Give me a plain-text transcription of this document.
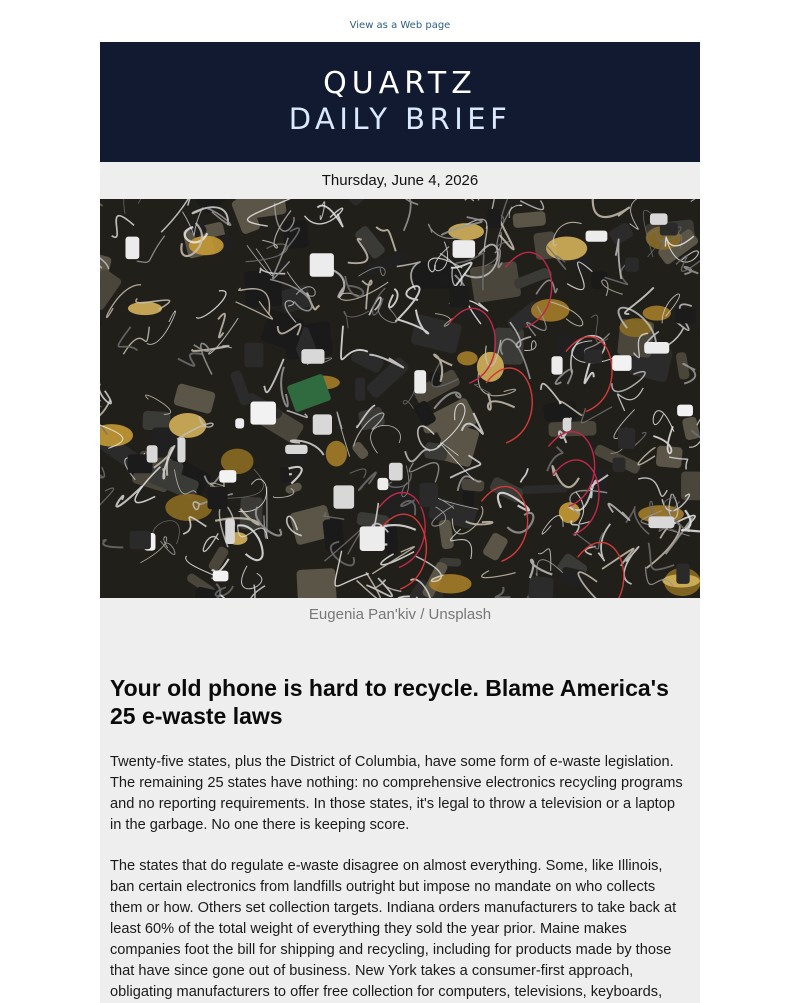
View as a Web page
QUARTZ
DAILY BRIEF
Thursday, June 4, 2026
Eugenia Pan'kiv / Unsplash
Your old phone is hard to recycle. Blame America's 25 e-waste laws

Twenty-five states, plus the District of Columbia, have some form of e-waste legislation. The remaining 25 states have nothing: no comprehensive electronics recycling programs and no reporting requirements. In those states, it's legal to throw a television or a laptop in the garbage. No one there is keeping score.

The states that do regulate e-waste disagree on almost everything. Some, like Illinois, ban certain electronics from landfills outright but impose no mandate on who collects them or how. Others set collection targets. Indiana orders manufacturers to take back at least 60% of the total weight of everything they sold the year prior. Maine makes companies foot the bill for shipping and recycling, including for products made by those that have since gone out of business. New York takes a consumer-first approach, obligating manufacturers to offer free collection for computers, televisions, keyboards,
